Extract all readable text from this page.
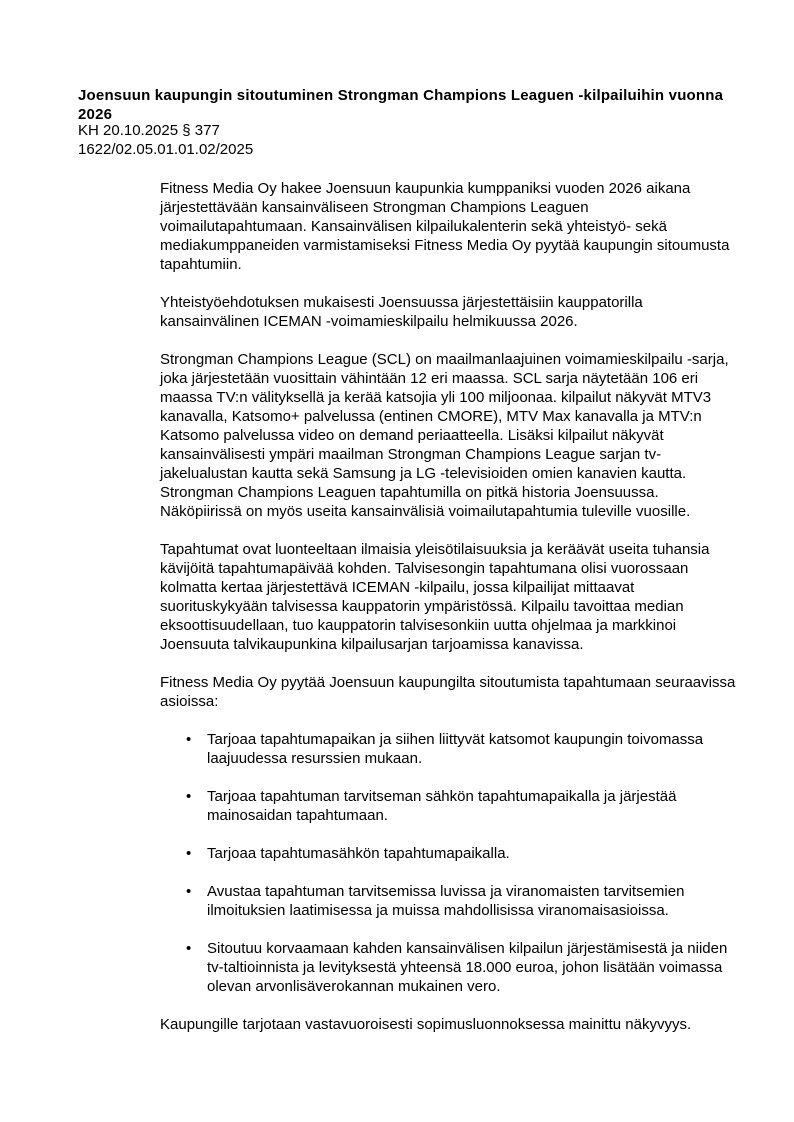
Joensuun kaupungin sitoutuminen Strongman Champions Leaguen -kilpailuihin vuonna 2026
KH 20.10.2025 § 377
1622/02.05.01.01.02/2025

Fitness Media Oy hakee Joensuun kaupunkia kumppaniksi vuoden 2026 aikana järjestettävään kansainväliseen Strongman Champions Leaguen voimailutapahtumaan. Kansainvälisen kilpailukalenterin sekä yhteistyö- sekä mediakumppaneiden varmistamiseksi Fitness Media Oy pyytää kaupungin sitoumusta tapahtumiin.

Yhteistyöehdotuksen mukaisesti Joensuussa järjestettäisiin kauppatorilla kansainvälinen ICEMAN -voimamieskilpailu helmikuussa 2026.

Strongman Champions League (SCL) on maailmanlaajuinen voimamieskilpailu -sarja, joka järjestetään vuosittain vähintään 12 eri maassa. SCL sarja näytetään 106 eri maassa TV:n välityksellä ja kerää katsojia yli 100 miljoonaa. kilpailut näkyvät MTV3 kanavalla, Katsomo+ palvelussa (entinen CMORE), MTV Max kanavalla ja MTV:n Katsomo palvelussa video on demand periaatteella. Lisäksi kilpailut näkyvät kansainvälisesti ympäri maailman Strongman Champions League sarjan tv-jakelualustan kautta sekä Samsung ja LG -televisioiden omien kanavien kautta. Strongman Champions Leaguen tapahtumilla on pitkä historia Joensuussa. Näköpiirissä on myös useita kansainvälisiä voimailutapahtumia tuleville vuosille.

Tapahtumat ovat luonteeltaan ilmaisia yleisötilaisuuksia ja keräävät useita tuhansia kävijöitä tapahtumapäivää kohden. Talvisesongin tapahtumana olisi vuorossaan kolmatta kertaa järjestettävä ICEMAN -kilpailu, jossa kilpailijat mittaavat suorituskykyään talvisessa kauppatorin ympäristössä. Kilpailu tavoittaa median eksoottisuudellaan, tuo kauppatorin talvisesonkiin uutta ohjelmaa ja markkinoi Joensuuta talvikaupunkina kilpailusarjan tarjoamissa kanavissa.

Fitness Media Oy pyytää Joensuun kaupungilta sitoutumista tapahtumaan seuraavissa asioissa:

• Tarjoaa tapahtumapaikan ja siihen liittyvät katsomot kaupungin toivomassa laajuudessa resurssien mukaan.
• Tarjoaa tapahtuman tarvitseman sähkön tapahtumapaikalla ja järjestää mainosaidan tapahtumaan.
• Tarjoaa tapahtumasähkön tapahtumapaikalla.
• Avustaa tapahtuman tarvitsemissa luvissa ja viranomaisten tarvitsemien ilmoituksien laatimisessa ja muissa mahdollisissa viranomaisasioissa.
• Sitoutuu korvaamaan kahden kansainvälisen kilpailun järjestämisestä ja niiden tv-taltioinnista ja levityksestä yhteensä 18.000 euroa, johon lisätään voimassa olevan arvonlisäverokannan mukainen vero.

Kaupungille tarjotaan vastavuoroisesti sopimusluonnoksessa mainittu näkyvyys.
